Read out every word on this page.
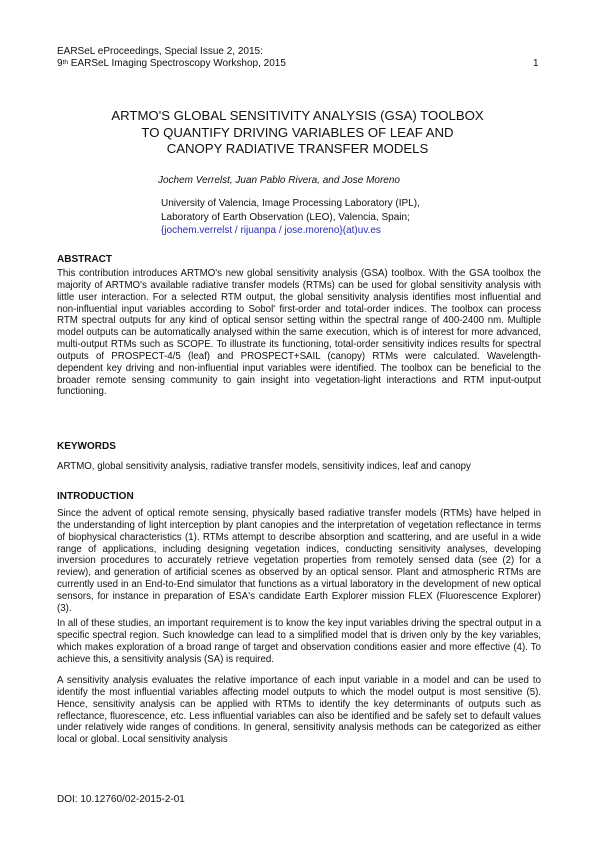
EARSeL eProceedings, Special Issue 2, 2015:
9th EARSeL Imaging Spectroscopy Workshop, 2015	1
ARTMO'S GLOBAL SENSITIVITY ANALYSIS (GSA) TOOLBOX
TO QUANTIFY DRIVING VARIABLES OF LEAF AND
CANOPY RADIATIVE TRANSFER MODELS
Jochem Verrelst, Juan Pablo Rivera, and Jose Moreno
University of Valencia, Image Processing Laboratory (IPL),
Laboratory of Earth Observation (LEO), Valencia, Spain;
{jochem.verrelst / rijuanpa / jose.moreno}(at)uv.es
ABSTRACT
This contribution introduces ARTMO's new global sensitivity analysis (GSA) toolbox. With the GSA toolbox the majority of ARTMO's available radiative transfer models (RTMs) can be used for global sensitivity analysis with little user interaction. For a selected RTM output, the global sensitivity analysis identifies most influential and non-influential input variables according to Sobol' first-order and total-order indices. The toolbox can process RTM spectral outputs for any kind of optical sensor setting within the spectral range of 400-2400 nm. Multiple model outputs can be automatically analysed within the same execution, which is of interest for more advanced, multi-output RTMs such as SCOPE. To illustrate its functioning, total-order sensitivity indices results for spectral outputs of PROSPECT-4/5 (leaf) and PROSPECT+SAIL (canopy) RTMs were calculated. Wavelength-dependent key driving and non-influential input variables were identified. The toolbox can be beneficial to the broader remote sensing community to gain insight into vegetation-light interactions and RTM input-output functioning.
KEYWORDS
ARTMO, global sensitivity analysis, radiative transfer models, sensitivity indices, leaf and canopy
INTRODUCTION
Since the advent of optical remote sensing, physically based radiative transfer models (RTMs) have helped in the understanding of light interception by plant canopies and the interpretation of vegetation reflectance in terms of biophysical characteristics (1). RTMs attempt to describe absorption and scattering, and are useful in a wide range of applications, including designing vegetation indices, conducting sensitivity analyses, developing inversion procedures to accurately retrieve vegetation properties from remotely sensed data (see (2) for a review), and generation of artificial scenes as observed by an optical sensor. Plant and atmospheric RTMs are currently used in an End-to-End simulator that functions as a virtual laboratory in the development of new optical sensors, for instance in preparation of ESA's candidate Earth Explorer mission FLEX (Fluorescence Explorer) (3).
In all of these studies, an important requirement is to know the key input variables driving the spectral output in a specific spectral region. Such knowledge can lead to a simplified model that is driven only by the key variables, which makes exploration of a broad range of target and observation conditions easier and more effective (4). To achieve this, a sensitivity analysis (SA) is required.
A sensitivity analysis evaluates the relative importance of each input variable in a model and can be used to identify the most influential variables affecting model outputs to which the model output is most sensitive (5). Hence, sensitivity analysis can be applied with RTMs to identify the key determinants of outputs such as reflectance, fluorescence, etc. Less influential variables can also be identified and be safely set to default values under relatively wide ranges of conditions. In general, sensitivity analysis methods can be categorized as either local or global. Local sensitivity analysis
DOI: 10.12760/02-2015-2-01
